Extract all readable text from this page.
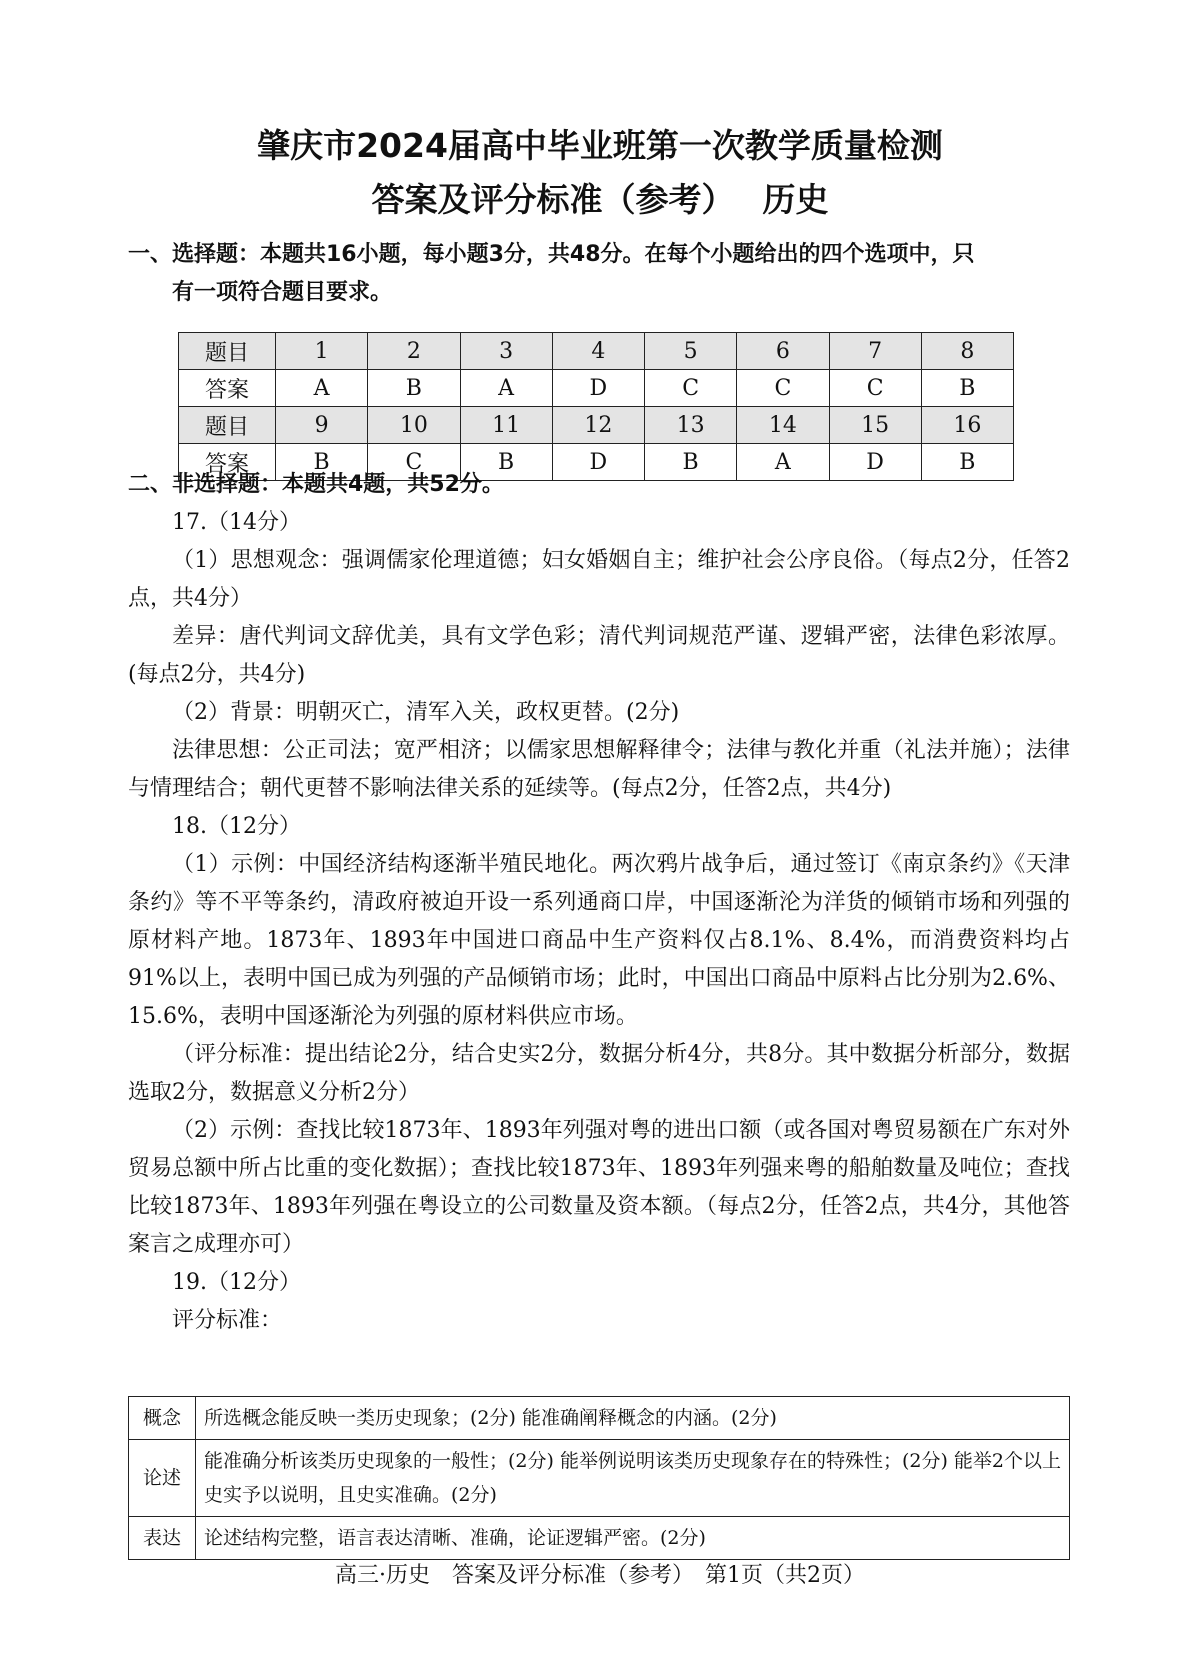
肇庆市2024届高中毕业班第一次教学质量检测
答案及评分标准（参考）　 历史
一、选择题：本题共16小题，每小题3分，共48分。在每个小题给出的四个选项中，只
有一项符合题目要求。
题目	1	2	3	4	5	6	7	8
答案	A	B	A	D	C	C	C	B
题目	9	10	11	12	13	14	15	16
答案	B	C	B	D	B	A	D	B
二、非选择题：本题共4题，共52分。
17.（14分）
（1）思想观念：强调儒家伦理道德；妇女婚姻自主；维护社会公序良俗。（每点2分，任答2点，共4分）
差异：唐代判词文辞优美，具有文学色彩；清代判词规范严谨、逻辑严密，法律色彩浓厚。(每点2分，共4分)
（2）背景：明朝灭亡，清军入关，政权更替。(2分)
法律思想：公正司法；宽严相济；以儒家思想解释律令；法律与教化并重（礼法并施）；法律与情理结合；朝代更替不影响法律关系的延续等。(每点2分，任答2点，共4分)
18.（12分）
（1）示例：中国经济结构逐渐半殖民地化。两次鸦片战争后，通过签订《南京条约》《天津条约》等不平等条约，清政府被迫开设一系列通商口岸，中国逐渐沦为洋货的倾销市场和列强的原材料产地。1873年、1893年中国进口商品中生产资料仅占8.1%、8.4%，而消费资料均占91%以上，表明中国已成为列强的产品倾销市场；此时，中国出口商品中原料占比分别为2.6%、15.6%，表明中国逐渐沦为列强的原材料供应市场。
（评分标准：提出结论2分，结合史实2分，数据分析4分，共8分。其中数据分析部分，数据选取2分，数据意义分析2分）
（2）示例：查找比较1873年、1893年列强对粤的进出口额（或各国对粤贸易额在广东对外贸易总额中所占比重的变化数据）；查找比较1873年、1893年列强来粤的船舶数量及吨位；查找比较1873年、1893年列强在粤设立的公司数量及资本额。（每点2分，任答2点，共4分，其他答案言之成理亦可）
19.（12分）
评分标准：
概念	所选概念能反映一类历史现象；(2分) 能准确阐释概念的内涵。(2分)
论述	能准确分析该类历史现象的一般性；(2分) 能举例说明该类历史现象存在的特殊性；(2分) 能举2个以上史实予以说明，且史实准确。(2分)
表达	论述结构完整，语言表达清晰、准确，论证逻辑严密。(2分)
高三·历史　答案及评分标准（参考）　第1页（共2页）
